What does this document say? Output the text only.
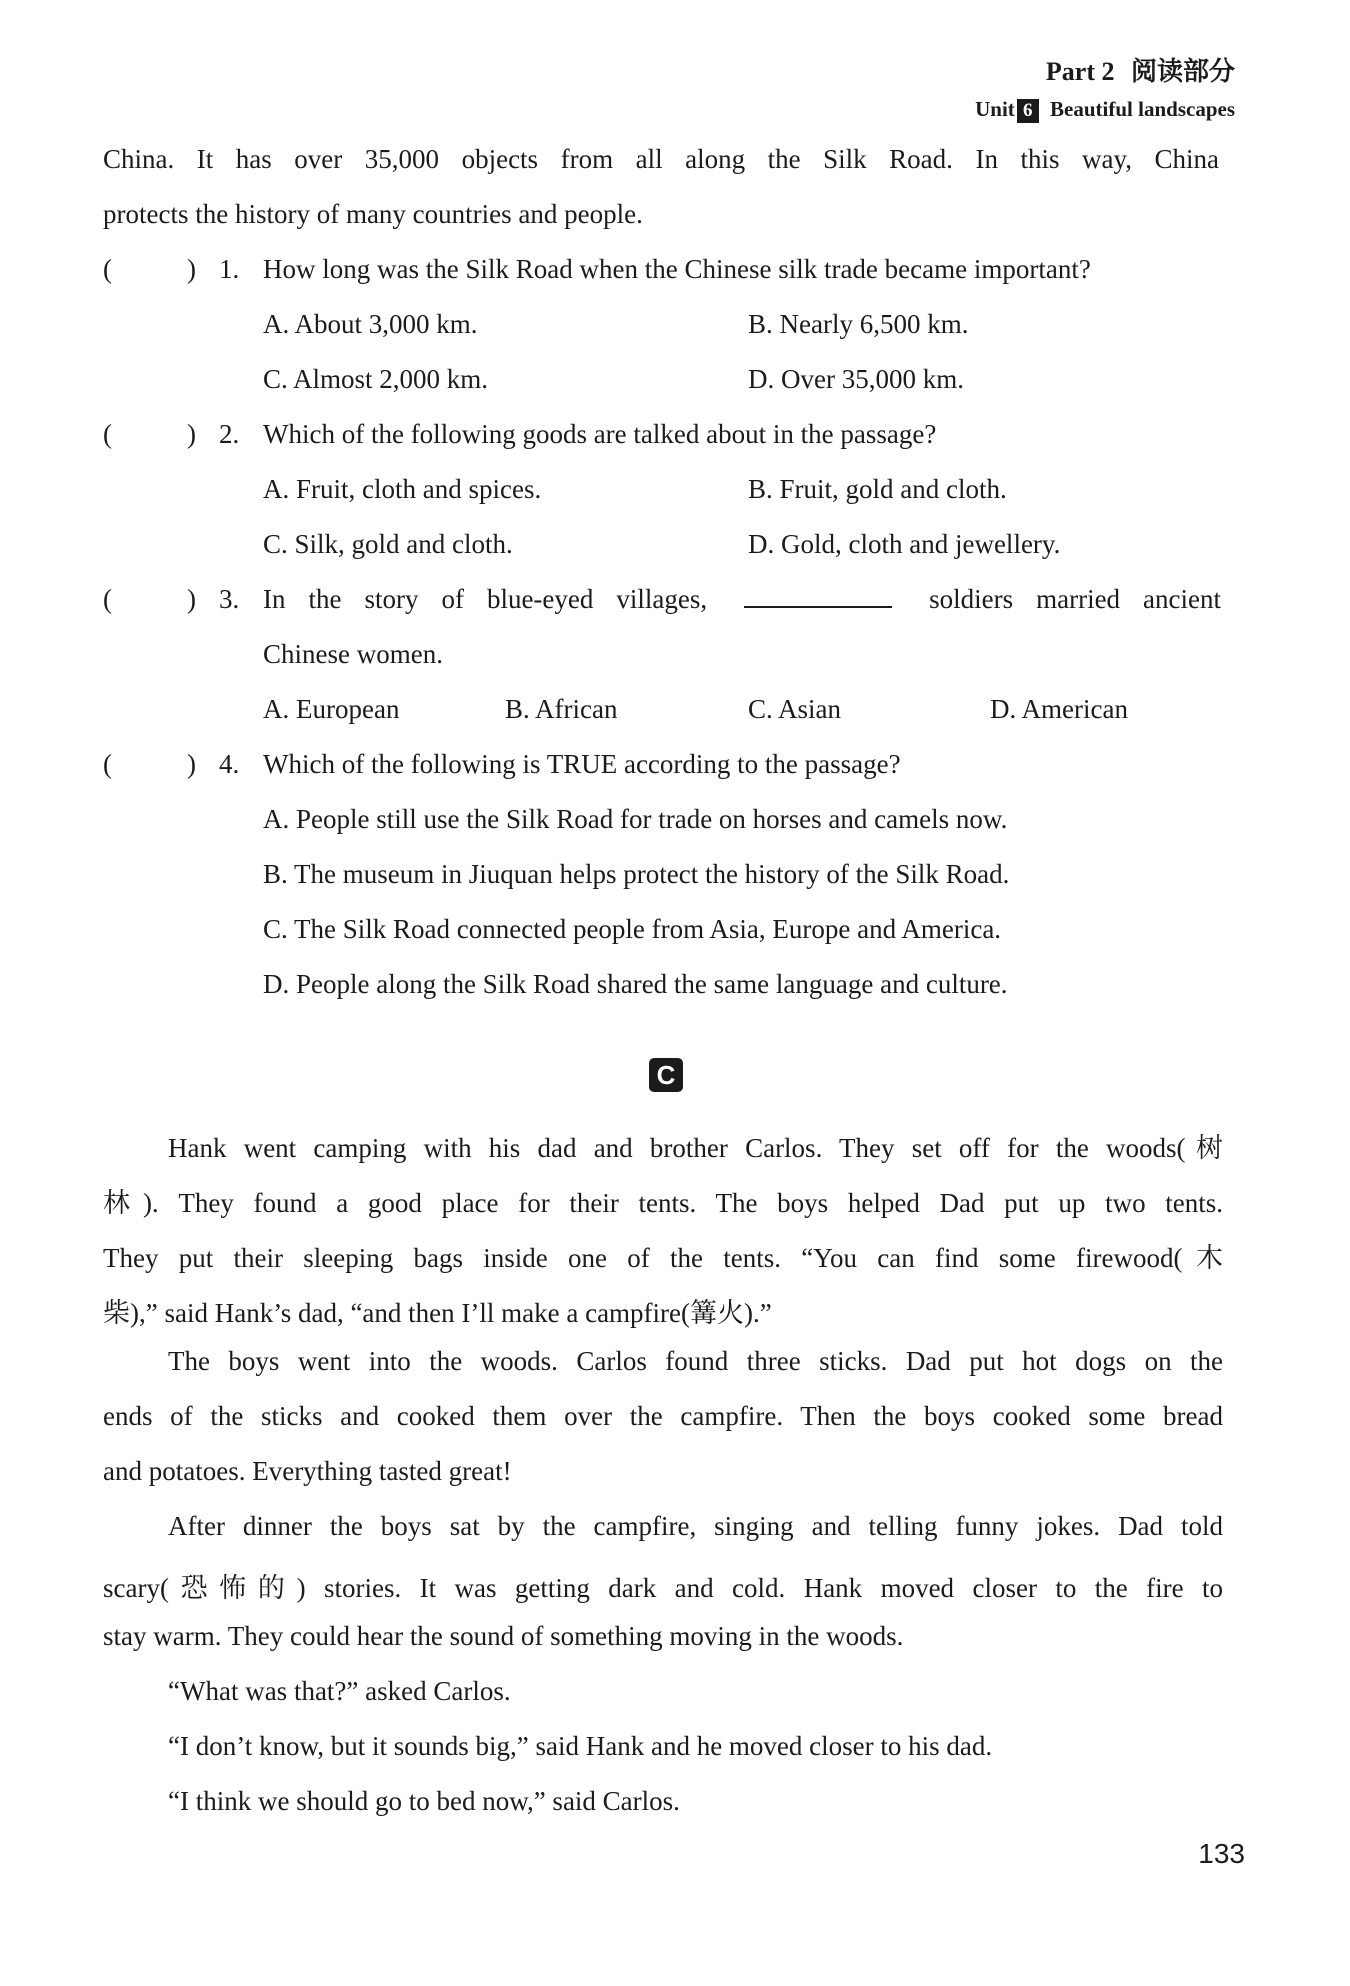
Part 2 阅读部分
Unit 6 Beautiful landscapes
China. It has over 35,000 objects from all along the Silk Road. In this way, China
protects the history of many countries and people.
(	) 1. How long was the Silk Road when the Chinese silk trade became important?
A. About 3,000 km.	B. Nearly 6,500 km.
C. Almost 2,000 km.	D. Over 35,000 km.
(	) 2. Which of the following goods are talked about in the passage?
A. Fruit, cloth and spices.	B. Fruit, gold and cloth.
C. Silk, gold and cloth.	D. Gold, cloth and jewellery.
(	) 3. In the story of blue-eyed villages,	soldiers married ancient
Chinese women.
A. European	B. African	C. Asian	D. American
(	) 4. Which of the following is TRUE according to the passage?
A. People still use the Silk Road for trade on horses and camels now.
B. The museum in Jiuquan helps protect the history of the Silk Road.
C. The Silk Road connected people from Asia, Europe and America.
D. People along the Silk Road shared the same language and culture.
C
Hank went camping with his dad and brother Carlos. They set off for the woods(树
林). They found a good place for their tents. The boys helped Dad put up two tents.
They put their sleeping bags inside one of the tents. “You can find some firewood(木
柴),” said Hank’s dad, “and then I’ll make a campfire(篝火).”
The boys went into the woods. Carlos found three sticks. Dad put hot dogs on the
ends of the sticks and cooked them over the campfire. Then the boys cooked some bread
and potatoes. Everything tasted great!
After dinner the boys sat by the campfire, singing and telling funny jokes. Dad told
scary(恐怖的) stories. It was getting dark and cold. Hank moved closer to the fire to
stay warm. They could hear the sound of something moving in the woods.
“What was that?” asked Carlos.
“I don’t know, but it sounds big,” said Hank and he moved closer to his dad.
“I think we should go to bed now,” said Carlos.
133
